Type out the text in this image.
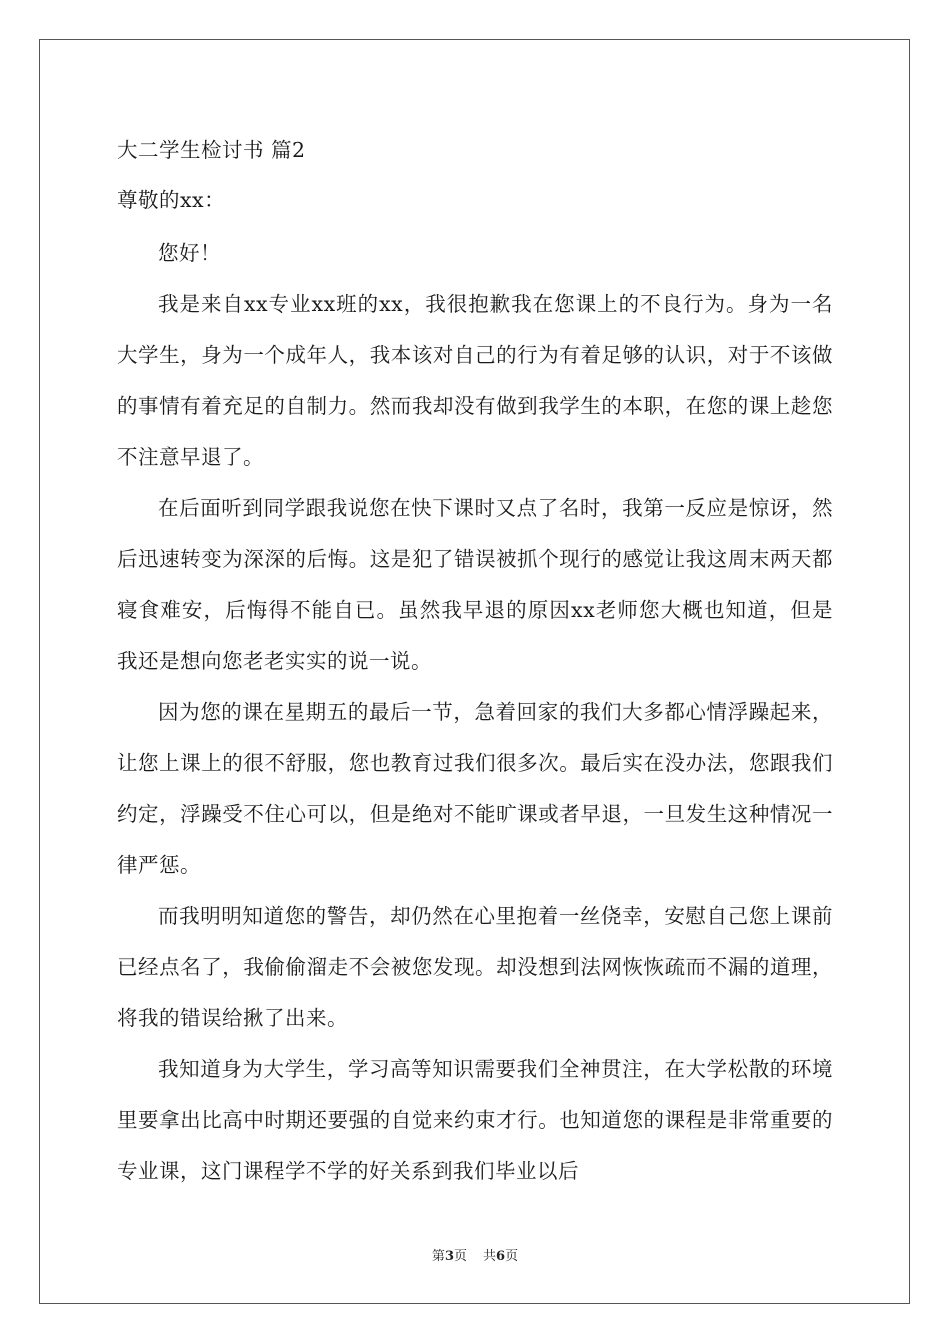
大二学生检讨书 篇2
尊敬的xx：

您好！

我是来自xx专业xx班的xx，我很抱歉我在您课上的不良行为。身为一名大学生，身为一个成年人，我本该对自己的行为有着足够的认识，对于不该做的事情有着充足的自制力。然而我却没有做到我学生的本职，在您的课上趁您不注意早退了。

在后面听到同学跟我说您在快下课时又点了名时，我第一反应是惊讶，然后迅速转变为深深的后悔。这是犯了错误被抓个现行的感觉让我这周末两天都寝食难安，后悔得不能自已。虽然我早退的原因xx老师您大概也知道，但是我还是想向您老老实实的说一说。

因为您的课在星期五的最后一节，急着回家的我们大多都心情浮躁起来，让您上课上的很不舒服，您也教育过我们很多次。最后实在没办法，您跟我们约定，浮躁受不住心可以，但是绝对不能旷课或者早退，一旦发生这种情况一律严惩。

而我明明知道您的警告，却仍然在心里抱着一丝侥幸，安慰自己您上课前已经点名了，我偷偷溜走不会被您发现。却没想到法网恢恢疏而不漏的道理，将我的错误给揪了出来。

我知道身为大学生，学习高等知识需要我们全神贯注，在大学松散的环境里要拿出比高中时期还要强的自觉来约束才行。也知道您的课程是非常重要的专业课，这门课程学不学的好关系到我们毕业以后

第3页 共6页
